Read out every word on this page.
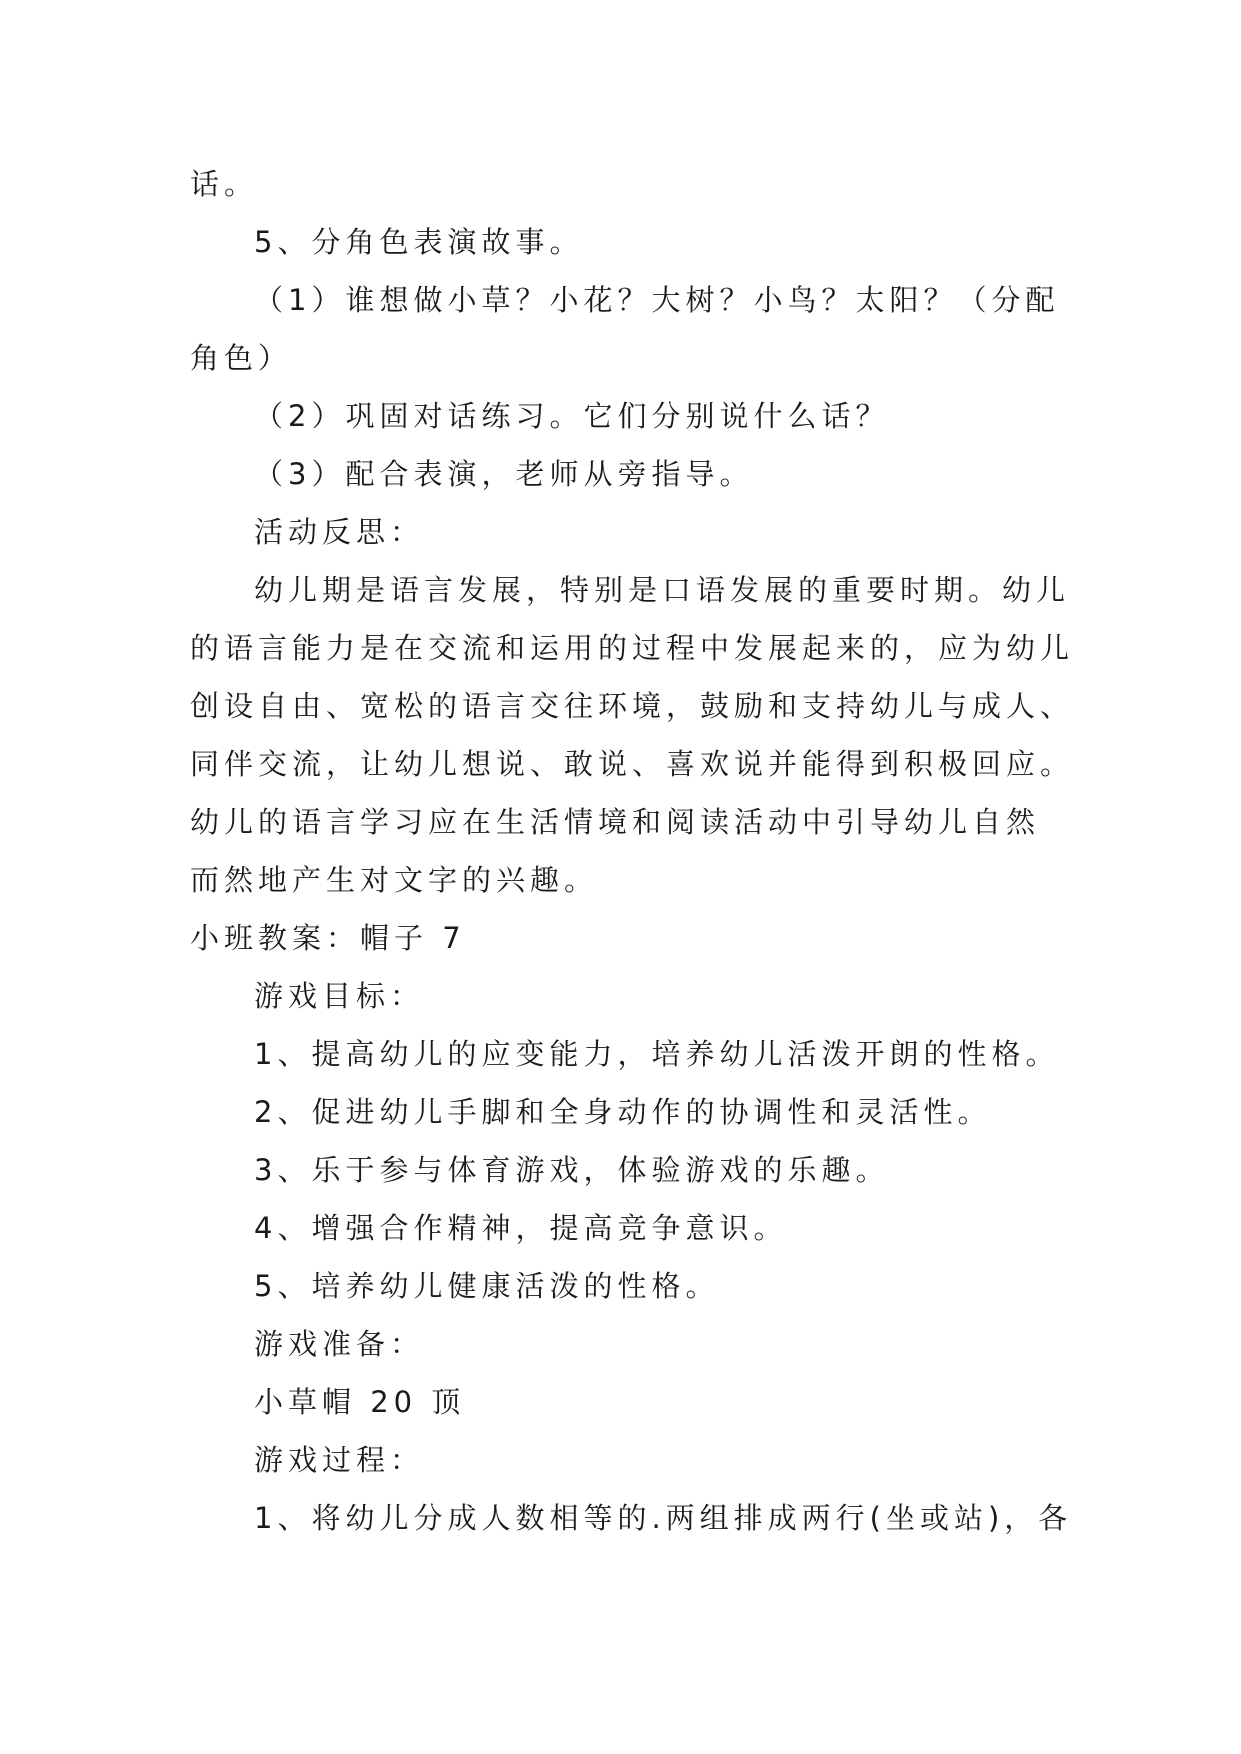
话。
5、分角色表演故事。
（1）谁想做小草？小花？大树？小鸟？太阳？（分配
角色）
（2）巩固对话练习。它们分别说什么话？
（3）配合表演，老师从旁指导。
活动反思：
幼儿期是语言发展，特别是口语发展的重要时期。幼儿
的语言能力是在交流和运用的过程中发展起来的，应为幼儿
创设自由、宽松的语言交往环境，鼓励和支持幼儿与成人、
同伴交流，让幼儿想说、敢说、喜欢说并能得到积极回应。
幼儿的语言学习应在生活情境和阅读活动中引导幼儿自然
而然地产生对文字的兴趣。
小班教案：帽子 7
游戏目标：
1、提高幼儿的应变能力，培养幼儿活泼开朗的性格。
2、促进幼儿手脚和全身动作的协调性和灵活性。
3、乐于参与体育游戏，体验游戏的乐趣。
4、增强合作精神，提高竞争意识。
5、培养幼儿健康活泼的性格。
游戏准备：
小草帽 20 顶
游戏过程：
1、将幼儿分成人数相等的.两组排成两行(坐或站)，各
